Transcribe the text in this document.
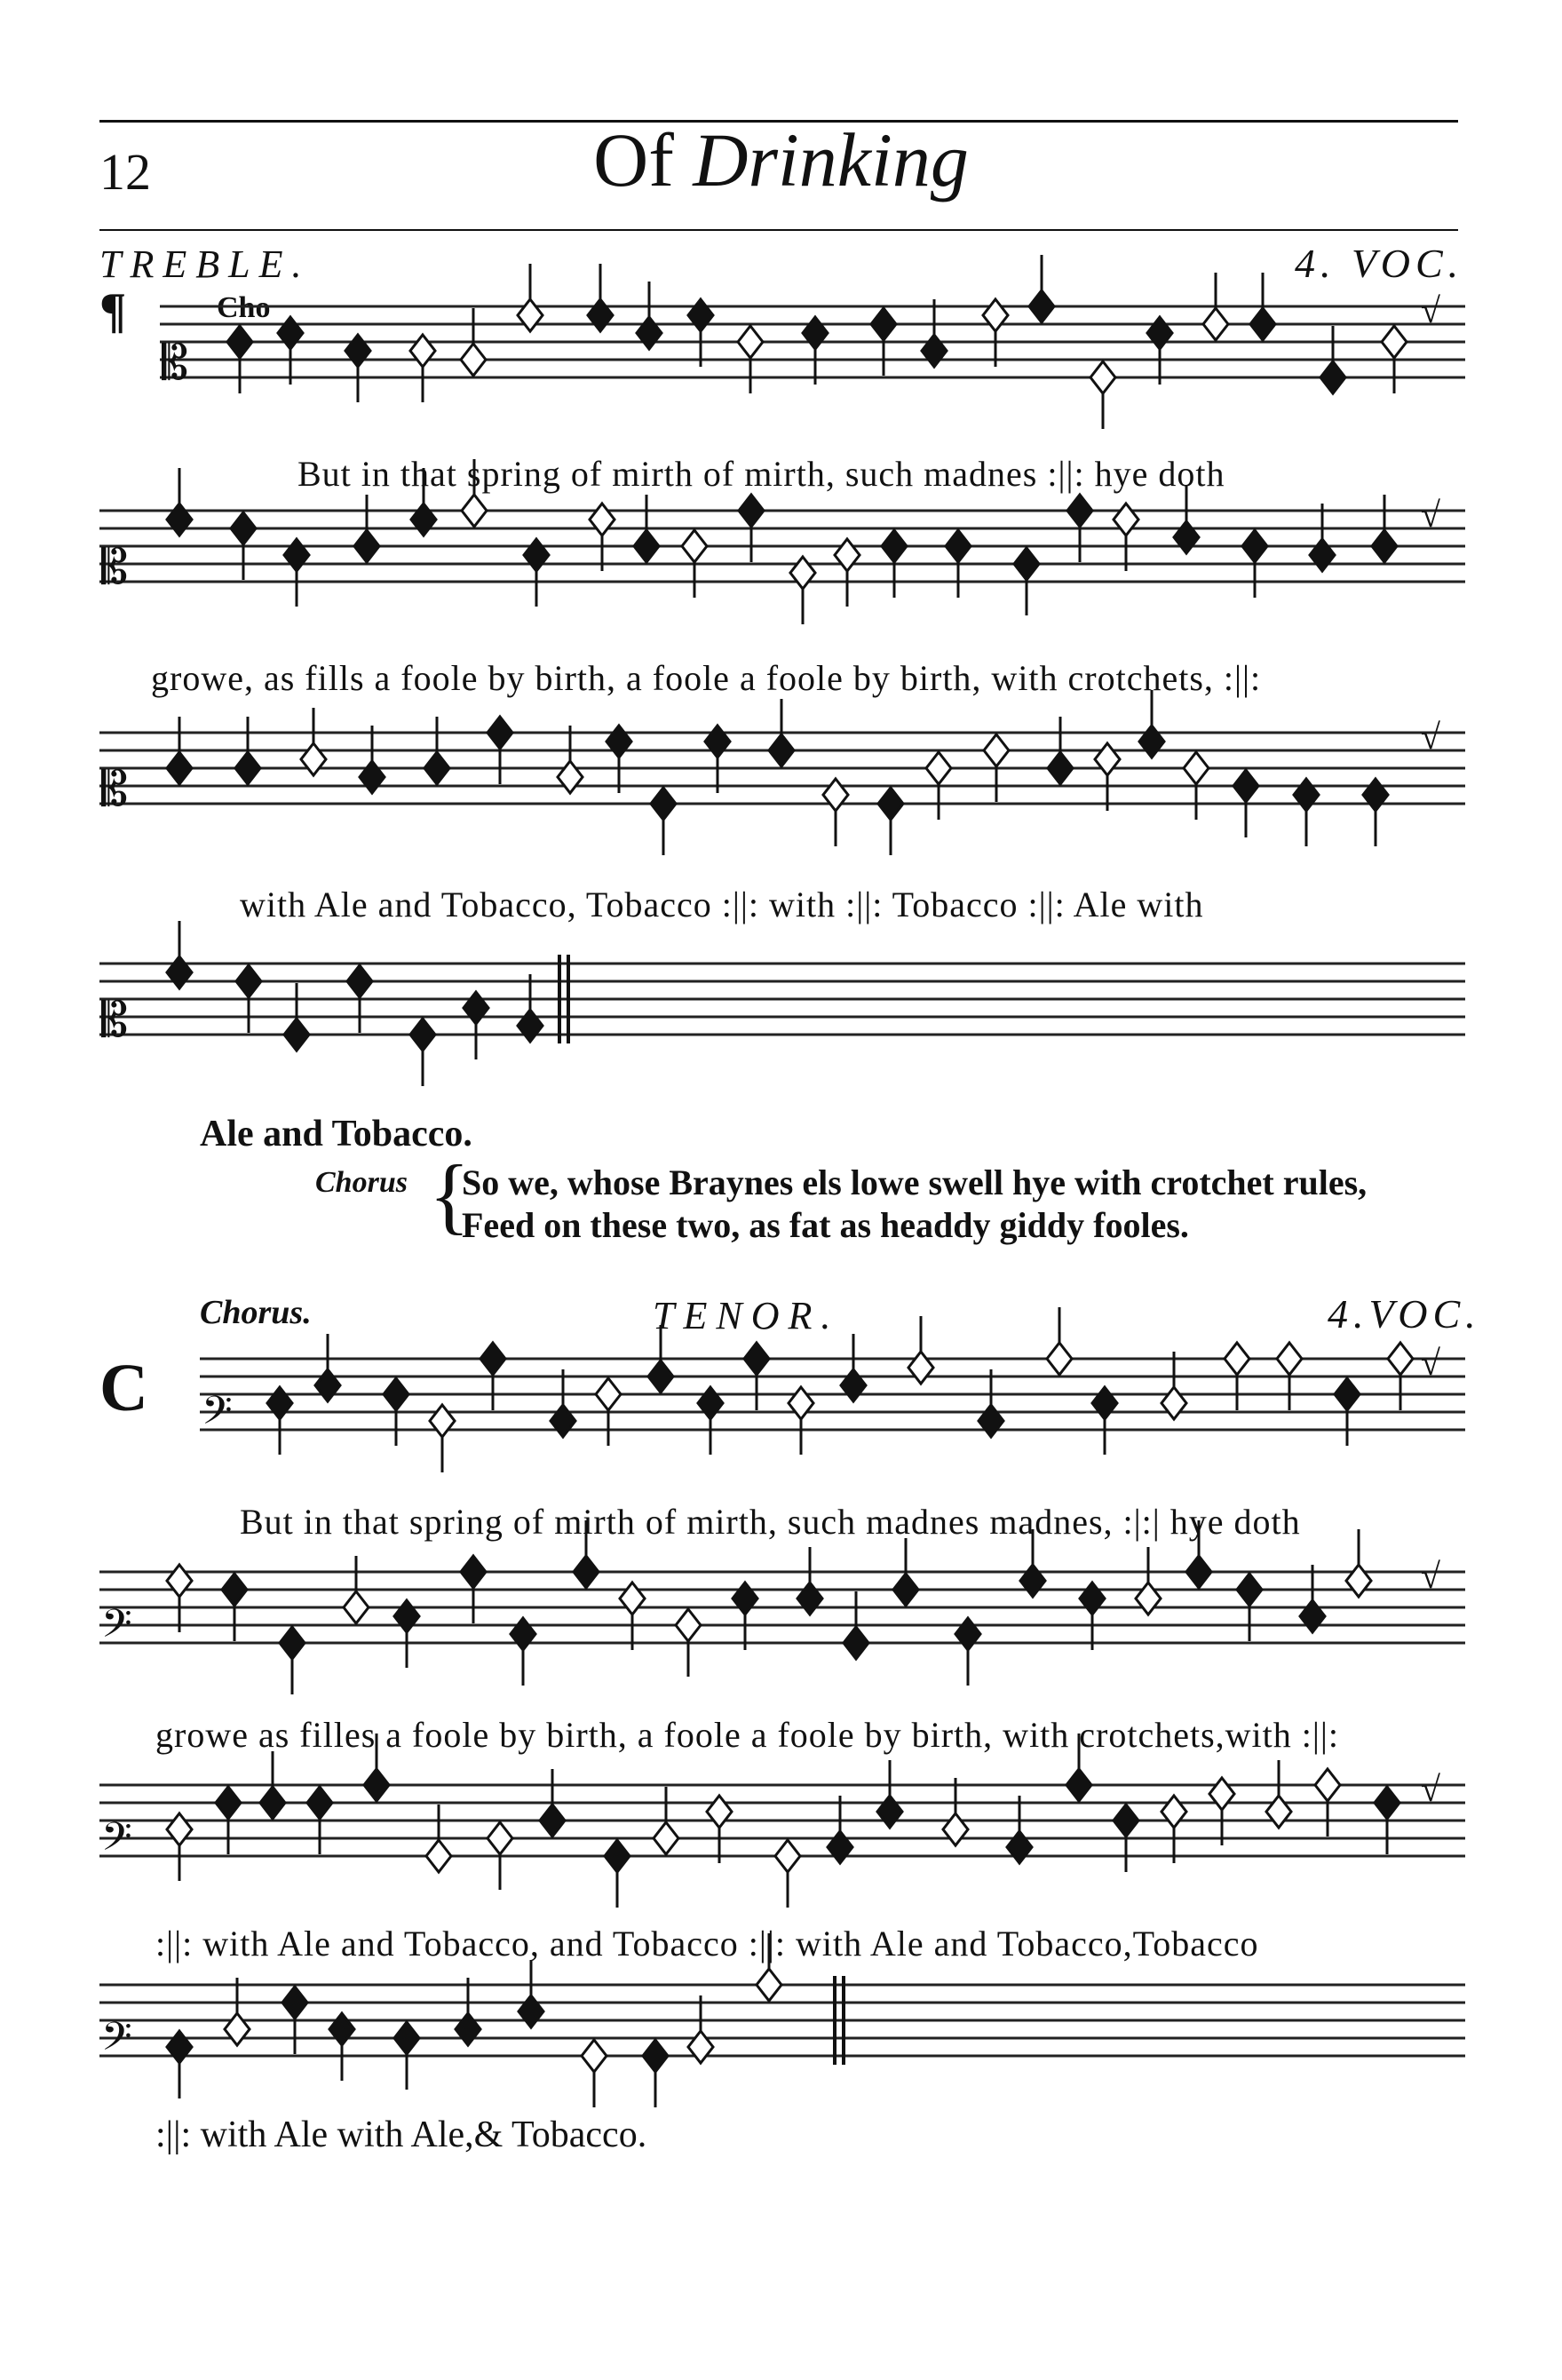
12	Of Drinking
TREBLE.	4. VOC.
¶	Cho
𝄡
√
𝄡
√
𝄡
√
𝄡
𝄢
√
𝄢
√
𝄢
√
𝄢
But in that spring of mirth of mirth, such madnes :||: hye doth
growe, as fills a foole by birth, a foole a foole by birth, with crotchets, :||:
with Ale and Tobacco, Tobacco :||: with :||: Tobacco :||: Ale with
Ale and Tobacco.
Chorus {
So we, whose Braynes els lowe swell hye with crotchet rules,
Feed on these two, as fat as headdy giddy fooles.
Chorus.	TENOR.	4.VOC.
C
But in that spring of mirth of mirth, such madnes madnes, :|:| hye doth
growe as filles a foole by birth, a foole a foole by birth, with crotchets,with :||:
:||: with Ale and Tobacco, and Tobacco :||: with Ale and Tobacco,Tobacco
:||: with Ale with Ale,& Tobacco.
